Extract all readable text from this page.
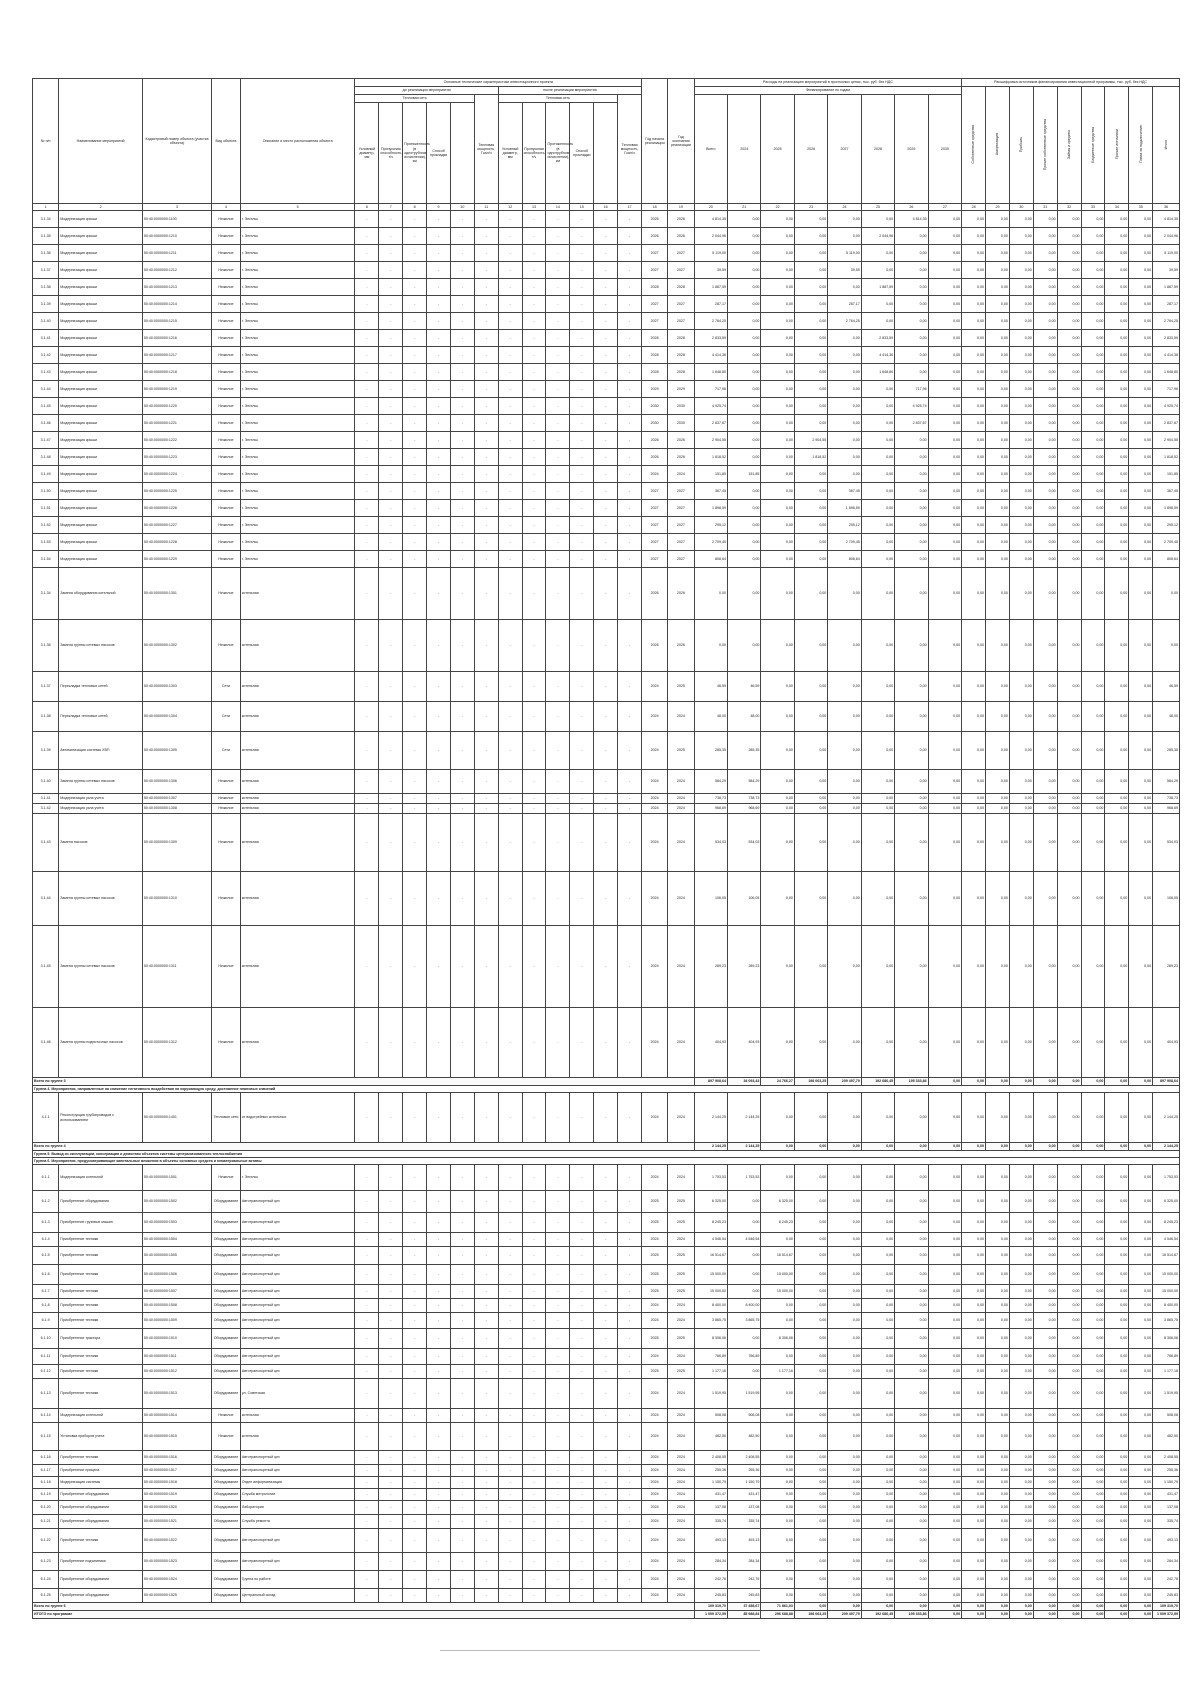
№ п/п	Наименование мероприятий	Кадастровый номер объекта (участка объекта)	Вид объекта	Описание и место расположения объекта	Основные технические характеристики инвестиционного проекта												Год начала реализации	Год окончания реализации	Расходы на реализацию мероприятий в прогнозных ценах, тыс. руб. без НДС								Расшифровка источников финансирования инвестиционной программы, тыс. руб. без НДС								
					до реализации мероприятия						после реализации мероприятия								Финансирование по годам								Собственные средства	Амортизация	Прибыль	Прочие собственные средства	Займы и кредиты	Бюджетные средства	Прочие источники	Плата за подключение	Итого
					Тепловая сеть					Тепловая мощность, Гкал/ч	Тепловая сеть					Тепловая мощность, Гкал/ч			Всего	2024	2025	2026	2027	2028	2029	2030									
					Условный диаметр, мм	Пропускная способность, т/ч	Протяженность (в однотрубном исчислении), км	Способ прокладки			Условный диаметр, мм	Пропускная способность, т/ч	Протяженность (в однотрубном исчислении), км	Способ прокладки																					
1	2	3	4	5	6	7	8	9	10	11	12	13	14	15	16	17	18	19	20	21	22	23	24	25	26	27	28	29	30	31	32	33	34	35	36
3.1.34	Модернизация крыши	50:40:0000000:1100	Нежилое	г. Энгельс	-	-	-	-	-	-	-	-	-	-	-	-	2026	2026	4 814,35	0,00	0,00	0,00	0,00	0,00	4 814,35	0,00	0,00	0,00	0,00	0,00	0,00	0,00	0,00	0,00	4 814,35
3.1.35	Модернизация крыши	50:40:0000000:1210	Нежилое	г. Энгельс	-	-	-	-	-	-	-	-	-	-	-	-	2026	2026	2 044,96	0,00	0,00	0,00	0,00	2 044,96	0,00	0,00	0,00	0,00	0,00	0,00	0,00	0,00	0,00	0,00	2 044,96
3.1.36	Модернизация крыши	50:40:0000000:1211	Нежилое	г. Энгельс	-	-	-	-	-	-	-	-	-	-	-	-	2027	2027	5 119,00	0,00	0,00	0,00	5 119,00	0,00	0,00	0,00	0,00	0,00	0,00	0,00	0,00	0,00	0,00	0,00	5 119,00
3.1.37	Модернизация крыши	50:40:0000000:1212	Нежилое	г. Энгельс	-	-	-	-	-	-	-	-	-	-	-	-	2027	2027	39,59	0,00	0,00	0,00	39,59	0,00	0,00	0,00	0,00	0,00	0,00	0,00	0,00	0,00	0,00	0,00	39,59
3.1.38	Модернизация крыши	50:40:0000000:1213	Нежилое	г. Энгельс	-	-	-	-	-	-	-	-	-	-	-	-	2028	2028	1 887,59	0,00	0,00	0,00	0,00	1 887,59	0,00	0,00	0,00	0,00	0,00	0,00	0,00	0,00	0,00	0,00	1 887,59
3.1.39	Модернизация крыши	50:40:0000000:1214	Нежилое	г. Энгельс	-	-	-	-	-	-	-	-	-	-	-	-	2027	2027	287,17	0,00	0,00	0,00	287,17	0,00	0,00	0,00	0,00	0,00	0,00	0,00	0,00	0,00	0,00	0,00	287,17
3.1.40	Модернизация крыши	50:40:0000000:1215	Нежилое	г. Энгельс	-	-	-	-	-	-	-	-	-	-	-	-	2027	2027	2 764,25	0,00	0,00	0,00	2 764,25	0,00	0,00	0,00	0,00	0,00	0,00	0,00	0,00	0,00	0,00	0,00	2 764,25
3.1.41	Модернизация крыши	50:40:0000000:1216	Нежилое	г. Энгельс	-	-	-	-	-	-	-	-	-	-	-	-	2028	2028	2 833,59	0,00	0,00	0,00	0,00	2 833,59	0,00	0,00	0,00	0,00	0,00	0,00	0,00	0,00	0,00	0,00	2 833,59
3.1.42	Модернизация крыши	50:40:0000000:1217	Нежилое	г. Энгельс	-	-	-	-	-	-	-	-	-	-	-	-	2028	2028	4 414,36	0,00	0,00	0,00	0,00	4 414,36	0,00	0,00	0,00	0,00	0,00	0,00	0,00	0,00	0,00	0,00	4 414,36
3.1.43	Модернизация крыши	50:40:0000000:1218	Нежилое	г. Энгельс	-	-	-	-	-	-	-	-	-	-	-	-	2028	2028	1 648,80	0,00	0,00	0,00	0,00	1 648,80	0,00	0,00	0,00	0,00	0,00	0,00	0,00	0,00	0,00	0,00	1 648,80
3.1.44	Модернизация крыши	50:40:0000000:1219	Нежилое	г. Энгельс	-	-	-	-	-	-	-	-	-	-	-	-	2029	2029	717,96	0,00	0,00	0,00	0,00	0,00	717,96	0,00	0,00	0,00	0,00	0,00	0,00	0,00	0,00	0,00	717,96
3.1.45	Модернизация крыши	50:40:0000000:1220	Нежилое	г. Энгельс	-	-	-	-	-	-	-	-	-	-	-	-	2030	2030	4 925,74	0,00	0,00	0,00	0,00	0,00	4 925,74	0,00	0,00	0,00	0,00	0,00	0,00	0,00	0,00	0,00	4 925,74
3.1.46	Модернизация крыши	50:40:0000000:1221	Нежилое	г. Энгельс	-	-	-	-	-	-	-	-	-	-	-	-	2030	2030	2 837,67	0,00	0,00	0,00	0,00	0,00	2 837,67	0,00	0,00	0,00	0,00	0,00	0,00	0,00	0,00	0,00	2 837,67
3.1.47	Модернизация крыши	50:40:0000000:1222	Нежилое	г. Энгельс	-	-	-	-	-	-	-	-	-	-	-	-	2026	2026	2 904,55	0,00	0,00	2 904,55	0,00	0,00	0,00	0,00	0,00	0,00	0,00	0,00	0,00	0,00	0,00	0,00	2 904,55
3.1.48	Модернизация крыши	50:40:0000000:1223	Нежилое	г. Энгельс	-	-	-	-	-	-	-	-	-	-	-	-	2026	2026	1 818,52	0,00	0,00	1 818,52	0,00	0,00	0,00	0,00	0,00	0,00	0,00	0,00	0,00	0,00	0,00	0,00	1 818,52
3.1.49	Модернизация крыши	50:40:0000000:1224	Нежилое	г. Энгельс	-	-	-	-	-	-	-	-	-	-	-	-	2024	2024	151,85	151,85	0,00	0,00	0,00	0,00	0,00	0,00	0,00	0,00	0,00	0,00	0,00	0,00	0,00	0,00	151,85
3.1.50	Модернизация крыши	50:40:0000000:1225	Нежилое	г. Энгельс	-	-	-	-	-	-	-	-	-	-	-	-	2027	2027	367,45	0,00	0,00	0,00	367,45	0,00	0,00	0,00	0,00	0,00	0,00	0,00	0,00	0,00	0,00	0,00	367,45
3.1.51	Модернизация крыши	50:40:0000000:1226	Нежилое	г. Энгельс	-	-	-	-	-	-	-	-	-	-	-	-	2027	2027	1 898,59	0,00	0,00	0,00	1 898,59	0,00	0,00	0,00	0,00	0,00	0,00	0,00	0,00	0,00	0,00	0,00	1 898,59
3.1.52	Модернизация крыши	50:40:0000000:1227	Нежилое	г. Энгельс	-	-	-	-	-	-	-	-	-	-	-	-	2027	2027	295,12	0,00	0,00	0,00	295,12	0,00	0,00	0,00	0,00	0,00	0,00	0,00	0,00	0,00	0,00	0,00	295,12
3.1.53	Модернизация крыши	50:40:0000000:1228	Нежилое	г. Энгельс	-	-	-	-	-	-	-	-	-	-	-	-	2027	2027	2 709,45	0,00	0,00	0,00	2 709,45	0,00	0,00	0,00	0,00	0,00	0,00	0,00	0,00	0,00	0,00	0,00	2 709,45
3.1.54	Модернизация крыши	50:40:0000000:1229	Нежилое	г. Энгельс	-	-	-	-	-	-	-	-	-	-	-	-	2027	2027	808,64	0,00	0,00	0,00	808,64	0,00	0,00	0,00	0,00	0,00	0,00	0,00	0,00	0,00	0,00	0,00	808,64
3.1.34	Замена оборудования котельной	50:40:0000000:1301	Нежилое	котельная	-	-	-	-	-	-	-	-	-	-	-	-	2026	2026	0,00	0,00	0,00	0,00	0,00	0,00	0,00	0,00	0,00	0,00	0,00	0,00	0,00	0,00	0,00	0,00	0,00
3.1.36	Замена группы сетевых насосов	50:40:0000000:1302	Нежилое	котельная	-	-	-	-	-	-	-	-	-	-	-	-	2026	2026	0,00	0,00	0,00	0,00	0,00	0,00	0,00	0,00	0,00	0,00	0,00	0,00	0,00	0,00	0,00	0,00	0,00
3.1.37	Перекладка тепловых сетей	50:40:0000000:1303	Сети	котельная	-	-	-	-	-	-	-	-	-	-	-	-	2024	2025	46,59	46,59	0,00	0,00	0,00	0,00	0,00	0,00	0,00	0,00	0,00	0,00	0,00	0,00	0,00	0,00	46,59
3.1.38	Перекладка тепловых сетей	50:40:0000000:1304	Сети	котельная	-	-	-	-	-	-	-	-	-	-	-	-	2024	2024	48,00	48,00	0,00	0,00	0,00	0,00	0,00	0,00	0,00	0,00	0,00	0,00	0,00	0,00	0,00	0,00	48,00
3.1.39	Автоматизация системы ХВП	50:40:0000000:1305	Сети	котельная	-	-	-	-	-	-	-	-	-	-	-	-	2024	2025	285,35	285,35	0,00	0,00	0,00	0,00	0,00	0,00	0,00	0,00	0,00	0,00	0,00	0,00	0,00	0,00	285,35
3.1.40	Замена группы сетевых насосов	50:40:0000000:1306	Нежилое	котельная	-	-	-	-	-	-	-	-	-	-	-	-	2024	2024	584,29	584,29	0,00	0,00	0,00	0,00	0,00	0,00	0,00	0,00	0,00	0,00	0,00	0,00	0,00	0,00	584,29
3.1.41	Модернизация узла учета	50:40:0000000:1307	Нежилое	котельная	-	-	-	-	-	-	-	-	-	-	-	-	2024	2024	738,73	738,73	0,00	0,00	0,00	0,00	0,00	0,00	0,00	0,00	0,00	0,00	0,00	0,00	0,00	0,00	738,73
3.1.42	Модернизация узла учета	50:40:0000000:1308	Нежилое	котельная	-	-	-	-	-	-	-	-	-	-	-	-	2024	2024	968,69	968,69	0,00	0,00	0,00	0,00	0,00	0,00	0,00	0,00	0,00	0,00	0,00	0,00	0,00	0,00	968,69
3.1.43	Замена насосов	50:40:0000000:1309	Нежилое	котельная	-	-	-	-	-	-	-	-	-	-	-	-	2024	2024	534,03	534,03	0,00	0,00	0,00	0,00	0,00	0,00	0,00	0,00	0,00	0,00	0,00	0,00	0,00	0,00	534,03
3.1.44	Замена группы сетевых насосов	50:40:0000000:1310	Нежилое	котельная	-	-	-	-	-	-	-	-	-	-	-	-	2024	2024	106,05	106,05	0,00	0,00	0,00	0,00	0,00	0,00	0,00	0,00	0,00	0,00	0,00	0,00	0,00	0,00	106,05
3.1.45	Замена группы сетевых насосов	50:40:0000000:1311	Нежилое	котельная	-	-	-	-	-	-	-	-	-	-	-	-	2024	2024	289,23	289,23	0,00	0,00	0,00	0,00	0,00	0,00	0,00	0,00	0,00	0,00	0,00	0,00	0,00	0,00	289,23
3.1.46	Замена группы подпиточных насосов	50:40:0000000:1312	Нежилое	котельная	-	-	-	-	-	-	-	-	-	-	-	-	2024	2024	404,93	404,93	0,00	0,00	0,00	0,00	0,00	0,00	0,00	0,00	0,00	0,00	0,00	0,00	0,00	0,00	404,93
Всего по группе 3																			897 908,64	34 093,43	24 766,27	198 063,25	209 497,79	192 686,45	195 333,86	0,00	0,00	0,00	0,00	0,00	0,00	0,00	0,00	0,00	897 908,64
Группа 4. Мероприятия, направленные на снижение негативного воздействия на окружающую среду, достижение плановых значений																																			
4.1.1	Реконструкция трубопроводов с использованием	50:40:0000000:1401	Тепловые сети	от водогрейных котельных	-	-	-	-	-	-	-	-	-	-	-	-	2024	2024	2 144,25	2 144,25	0,00	0,00	0,00	0,00	0,00	0,00	0,00	0,00	0,00	0,00	0,00	0,00	0,00	0,00	2 144,25
Всего по группе 4																			2 144,25	2 144,25	0,00	0,00	0,00	0,00	0,00	0,00	0,00	0,00	0,00	0,00	0,00	0,00	0,00	0,00	2 144,25
Группа 5. Вывод из эксплуатации, консервация и демонтаж объектов системы централизованного теплоснабжения																																			
Группа 6. Мероприятия, предусматривающие капитальные вложения в объекты основных средств и нематериальные активы																																			
6.1.1	Модернизация котельной	50:40:0000000:1501	Нежилое	г. Энгельс	-	-	-	-	-	-	-	-	-	-	-	-	2024	2024	1 753,53	1 753,53	0,00	0,00	0,00	0,00	0,00	0,00	0,00	0,00	0,00	0,00	0,00	0,00	0,00	0,00	1 753,53
6.1.2	Приобретение оборудования	50:40:0000000:1502	Оборудование	Автотранспортный цех	-	-	-	-	-	-	-	-	-	-	-	-	2025	2025	6 325,00	0,00	6 325,00	0,00	0,00	0,00	0,00	0,00	0,00	0,00	0,00	0,00	0,00	0,00	0,00	0,00	6 325,00
6.1.3	Приобретение грузовых машин	50:40:0000000:1503	Оборудование	Автотранспортный цех	-	-	-	-	-	-	-	-	-	-	-	-	2025	2025	8 245,23	0,00	8 245,23	0,00	0,00	0,00	0,00	0,00	0,00	0,00	0,00	0,00	0,00	0,00	0,00	0,00	8 245,23
6.1.4	Приобретение техники	50:40:0000000:1504	Оборудование	Автотранспортный цех	-	-	-	-	-	-	-	-	-	-	-	-	2024	2024	4 546,54	4 546,54	0,00	0,00	0,00	0,00	0,00	0,00	0,00	0,00	0,00	0,00	0,00	0,00	0,00	0,00	4 546,54
6.1.5	Приобретение техники	50:40:0000000:1505	Оборудование	Автотранспортный цех	-	-	-	-	-	-	-	-	-	-	-	-	2025	2025	16 514,67	0,00	16 514,67	0,00	0,00	0,00	0,00	0,00	0,00	0,00	0,00	0,00	0,00	0,00	0,00	0,00	16 514,67
6.1.6	Приобретение техники	50:40:0000000:1506	Оборудование	Автотранспортный цех	-	-	-	-	-	-	-	-	-	-	-	-	2025	2025	15 000,00	0,00	15 000,00	0,00	0,00	0,00	0,00	0,00	0,00	0,00	0,00	0,00	0,00	0,00	0,00	0,00	15 000,00
6.1.7	Приобретение техники	50:40:0000000:1507	Оборудование	Автотранспортный цех	-	-	-	-	-	-	-	-	-	-	-	-	2025	2025	15 000,00	0,00	15 000,00	0,00	0,00	0,00	0,00	0,00	0,00	0,00	0,00	0,00	0,00	0,00	0,00	0,00	15 000,00
6.1.8	Приобретение техники	50:40:0000000:1508	Оборудование	Автотранспортный цех	-	-	-	-	-	-	-	-	-	-	-	-	2024	2024	8 400,00	8 400,00	0,00	0,00	0,00	0,00	0,00	0,00	0,00	0,00	0,00	0,00	0,00	0,00	0,00	0,00	8 400,00
6.1.9	Приобретение техники	50:40:0000000:1509	Оборудование	Автотранспортный цех	-	-	-	-	-	-	-	-	-	-	-	-	2024	2024	3 865,75	3 865,75	0,00	0,00	0,00	0,00	0,00	0,00	0,00	0,00	0,00	0,00	0,00	0,00	0,00	0,00	3 865,75
6.1.10	Приобретение трактора	50:40:0000000:1510	Оборудование	Автотранспортный цех	-	-	-	-	-	-	-	-	-	-	-	-	2025	2025	8 306,06	0,00	8 306,06	0,00	0,00	0,00	0,00	0,00	0,00	0,00	0,00	0,00	0,00	0,00	0,00	0,00	8 306,06
6.1.11	Приобретение техники	50:40:0000000:1511	Оборудование	Автотранспортный цех	-	-	-	-	-	-	-	-	-	-	-	-	2024	2024	766,89	766,89	0,00	0,00	0,00	0,00	0,00	0,00	0,00	0,00	0,00	0,00	0,00	0,00	0,00	0,00	766,89
6.1.12	Приобретение техники	50:40:0000000:1512	Оборудование	Автотранспортный цех	-	-	-	-	-	-	-	-	-	-	-	-	2025	2025	1 177,16	0,00	1 177,16	0,00	0,00	0,00	0,00	0,00	0,00	0,00	0,00	0,00	0,00	0,00	0,00	0,00	1 177,16
6.1.13	Приобретение техники	50:40:0000000:1513	Оборудование	ул. Советская	-	-	-	-	-	-	-	-	-	-	-	-	2024	2024	1 519,95	1 519,95	0,00	0,00	0,00	0,00	0,00	0,00	0,00	0,00	0,00	0,00	0,00	0,00	0,00	0,00	1 519,95
6.1.14	Модернизация котельной	50:40:0000000:1514	Нежилое	котельная	-	-	-	-	-	-	-	-	-	-	-	-	2024	2024	508,08	508,08	0,00	0,00	0,00	0,00	0,00	0,00	0,00	0,00	0,00	0,00	0,00	0,00	0,00	0,00	508,08
6.1.15	Установка приборов учета	50:40:0000000:1515	Нежилое	котельная	-	-	-	-	-	-	-	-	-	-	-	-	2024	2024	482,50	482,50	0,00	0,00	0,00	0,00	0,00	0,00	0,00	0,00	0,00	0,00	0,00	0,00	0,00	0,00	482,50
6.1.16	Приобретение техники	50:40:0000000:1516	Оборудование	Автотранспортный цех	-	-	-	-	-	-	-	-	-	-	-	-	2024	2024	2 408,55	2 408,55	0,00	0,00	0,00	0,00	0,00	0,00	0,00	0,00	0,00	0,00	0,00	0,00	0,00	0,00	2 408,55
6.1.17	Приобретение прицепа	50:40:0000000:1517	Оборудование	Автотранспортный цех	-	-	-	-	-	-	-	-	-	-	-	-	2024	2024	255,36	255,36	0,00	0,00	0,00	0,00	0,00	0,00	0,00	0,00	0,00	0,00	0,00	0,00	0,00	0,00	255,36
6.1.18	Модернизация системы	50:40:0000000:1518	Оборудование	Отдел информатизации	-	-	-	-	-	-	-	-	-	-	-	-	2024	2024	1 150,79	1 150,79	0,00	0,00	0,00	0,00	0,00	0,00	0,00	0,00	0,00	0,00	0,00	0,00	0,00	0,00	1 150,79
6.1.19	Приобретение оборудования	50:40:0000000:1519	Оборудование	Служба метрологии	-	-	-	-	-	-	-	-	-	-	-	-	2024	2024	431,47	431,47	0,00	0,00	0,00	0,00	0,00	0,00	0,00	0,00	0,00	0,00	0,00	0,00	0,00	0,00	431,47
6.1.20	Приобретение оборудования	50:40:0000000:1520	Оборудование	Лаборатория	-	-	-	-	-	-	-	-	-	-	-	-	2024	2024	137,08	137,08	0,00	0,00	0,00	0,00	0,00	0,00	0,00	0,00	0,00	0,00	0,00	0,00	0,00	0,00	137,08
6.1.21	Приобретение оборудования	50:40:0000000:1521	Оборудование	Служба ремонта	-	-	-	-	-	-	-	-	-	-	-	-	2024	2024	335,74	335,74	0,00	0,00	0,00	0,00	0,00	0,00	0,00	0,00	0,00	0,00	0,00	0,00	0,00	0,00	335,74
6.1.22	Приобретение техники	50:40:0000000:1522	Оборудование	Автотранспортный цех	-	-	-	-	-	-	-	-	-	-	-	-	2024	2024	493,13	493,13	0,00	0,00	0,00	0,00	0,00	0,00	0,00	0,00	0,00	0,00	0,00	0,00	0,00	0,00	493,13
6.1.23	Приобретение подъемника	50:40:0000000:1523	Оборудование	Автотранспортный цех	-	-	-	-	-	-	-	-	-	-	-	-	2024	2024	284,34	284,34	0,00	0,00	0,00	0,00	0,00	0,00	0,00	0,00	0,00	0,00	0,00	0,00	0,00	0,00	284,34
6.1.24	Приобретение оборудования	50:40:0000000:1524	Оборудование	Группа по работе	-	-	-	-	-	-	-	-	-	-	-	-	2024	2024	242,76	242,76	0,00	0,00	0,00	0,00	0,00	0,00	0,00	0,00	0,00	0,00	0,00	0,00	0,00	0,00	242,76
6.1.25	Приобретение оборудования	50:40:0000000:1525	Оборудование	Центральный склад	-	-	-	-	-	-	-	-	-	-	-	-	2024	2024	245,83	245,83	0,00	0,00	0,00	0,00	0,00	0,00	0,00	0,00	0,00	0,00	0,00	0,00	0,00	0,00	245,83
Всего по группе 6																			109 319,70	37 458,67	71 861,03	0,00	0,00	0,00	0,00	0,00	0,00	0,00	0,00	0,00	0,00	0,00	0,00	0,00	109 319,70
ИТОГО по программе																			1 009 372,59	85 988,84	296 688,88	198 063,25	209 497,79	192 686,45	195 333,86	0,00	0,00	0,00	0,00	0,00	0,00	0,00	0,00	0,00	1 009 372,59
